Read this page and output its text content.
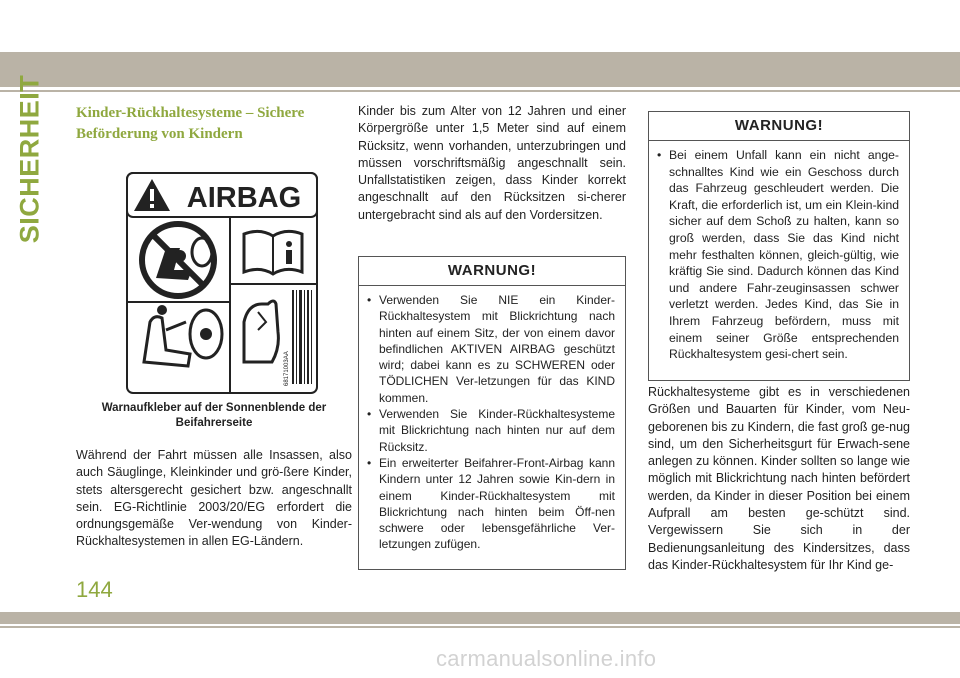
SICHERHEIT Kinder-Rückhaltesysteme – Sichere Beförderung von Kindern
AIRBAG
68171003AA
Warnaufkleber auf der Sonnenblende der Beifahrerseite

Während der Fahrt müssen alle Insassen, also auch Säuglinge, Kleinkinder und grö-ßere Kinder, stets altersgerecht gesichert bzw. angeschnallt sein. EG-Richtlinie 2003/20/EG erfordert die ordnungsgemäße Ver-wendung von Kinder-Rückhaltesystemen in allen EG-Ländern.

Kinder bis zum Alter von 12 Jahren und einer Körpergröße unter 1,5 Meter sind auf einem Rücksitz, wenn vorhanden, unterzubringen und müssen vorschriftsmäßig angeschnallt sein. Unfallstatistiken zeigen, dass Kinder korrekt angeschnallt auf den Rücksitzen si-cherer untergebracht sind als auf den Vordersitzen.

WARNUNG!
• Verwenden Sie NIE ein Kinder-Rückhaltesystem mit Blickrichtung nach hinten auf einem Sitz, der von einem davor befindlichen AKTIVEN AIRBAG geschützt wird; dabei kann es zu SCHWEREN oder TÖDLICHEN Ver-letzungen für das KIND kommen.
• Verwenden Sie Kinder-Rückhaltesysteme mit Blickrichtung nach hinten nur auf dem Rücksitz.
• Ein erweiterter Beifahrer-Front-Airbag kann Kindern unter 12 Jahren sowie Kin-dern in einem Kinder-Rückhaltesystem mit Blickrichtung nach hinten beim Öff-nen schwere oder lebensgefährliche Ver-letzungen zufügen.
WARNUNG!
• Bei einem Unfall kann ein nicht ange-schnalltes Kind wie ein Geschoss durch das Fahrzeug geschleudert werden. Die Kraft, die erforderlich ist, um ein Klein-kind sicher auf dem Schoß zu halten, kann so groß werden, dass Sie das Kind nicht mehr festhalten können, gleich-gültig, wie kräftig Sie sind. Dadurch können das Kind und andere Fahr-zeuginsassen schwer verletzt werden. Jedes Kind, das Sie in Ihrem Fahrzeug befördern, muss mit einem seiner Größe entsprechenden Rückhaltesystem gesi-chert sein.

Rückhaltesysteme gibt es in verschiedenen Größen und Bauarten für Kinder, vom Neu-geborenen bis zu Kindern, die fast groß ge-nug sind, um den Sicherheitsgurt für Erwach-sene anlegen zu können. Kinder sollten so lange wie möglich mit Blickrichtung nach hinten befördert werden, da Kinder in dieser Position bei einem Aufprall am besten ge-schützt sind. Vergewissern Sie sich in der Bedienungsanleitung des Kindersitzes, dass das Kinder-Rückhaltesystem für Ihr Kind ge-

144
carmanualsonline.info
